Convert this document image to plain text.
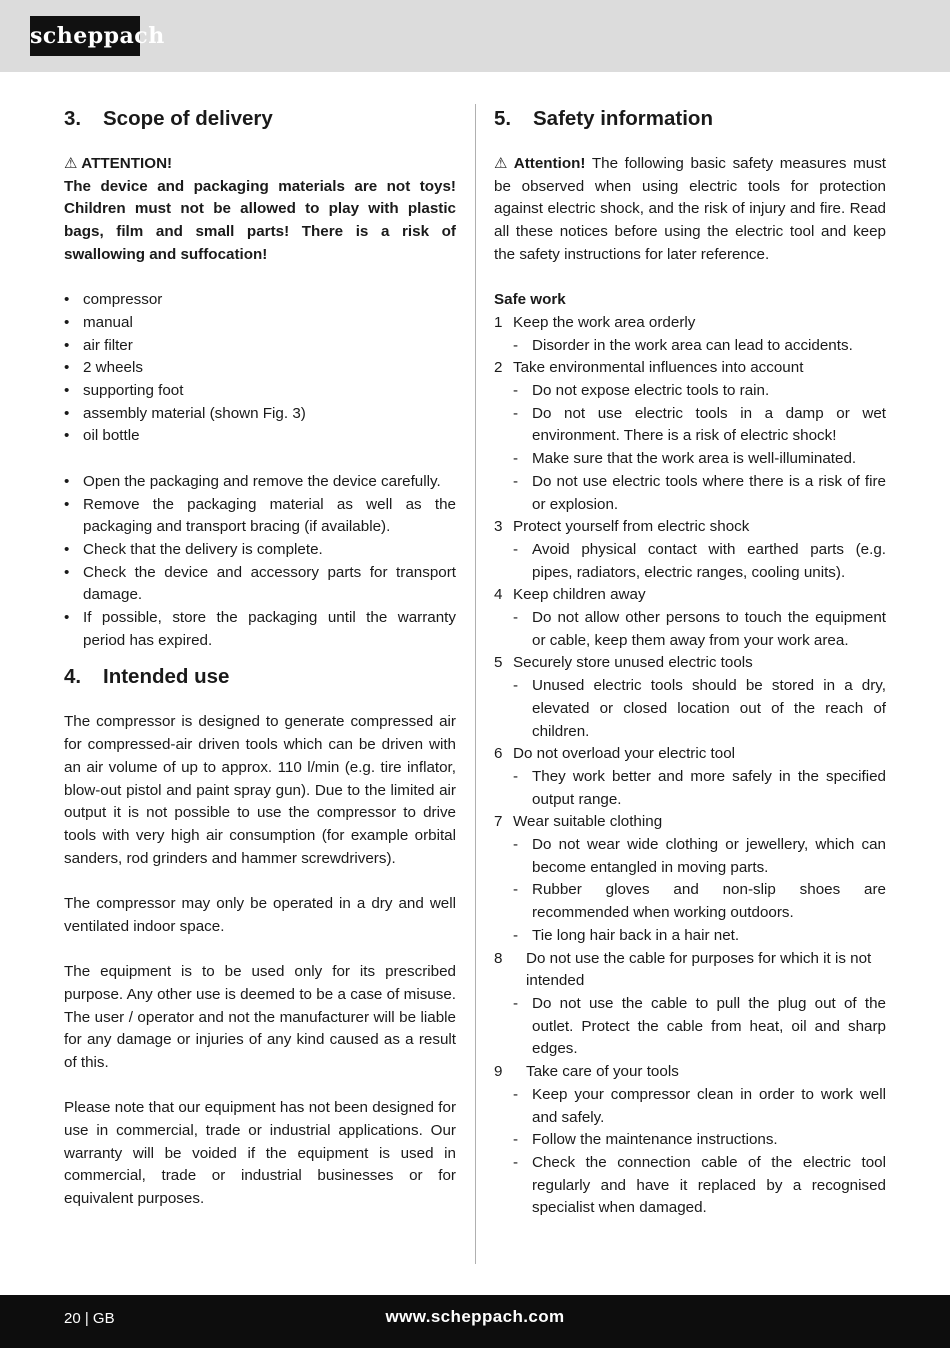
scheppach
3. Scope of delivery

⚠ ATTENTION!

The device and packaging materials are not toys! Children must not be allowed to play with plastic bags, film and small parts! There is a risk of swallowing and suffocation!

• compressor
• manual
• air filter
• 2 wheels
• supporting foot
• assembly material (shown Fig. 3)
• oil bottle
• Open the packaging and remove the device carefully.
• Remove the packaging material as well as the packaging and transport bracing (if available).
• Check that the delivery is complete.
• Check the device and accessory parts for transport damage.
• If possible, store the packaging until the warranty period has expired.
4. Intended use

The compressor is designed to generate compressed air for compressed-air driven tools which can be driven with an air volume of up to approx. 110 l/min (e.g. tire inflator, blow-out pistol and paint spray gun). Due to the limited air output it is not possible to use the compressor to drive tools with very high air consumption (for example orbital sanders, rod grinders and hammer screwdrivers).

The compressor may only be operated in a dry and well ventilated indoor space.

The equipment is to be used only for its prescribed purpose. Any other use is deemed to be a case of misuse. The user / operator and not the manufacturer will be liable for any damage or injuries of any kind caused as a result of this.

Please note that our equipment has not been designed for use in commercial, trade or industrial applications. Our warranty will be voided if the equipment is used in commercial, trade or industrial businesses or for equivalent purposes.

5. Safety information

⚠ Attention! The following basic safety measures must be observed when using electric tools for protection against electric shock, and the risk of injury and fire. Read all these notices before using the electric tool and keep the safety instructions for later reference.

Safe work

1 Keep the work area orderly
- Disorder in the work area can lead to accidents.
2 Take environmental influences into account
- Do not expose electric tools to rain.
- Do not use electric tools in a damp or wet environment. There is a risk of electric shock!
- Make sure that the work area is well-illuminated.
- Do not use electric tools where there is a risk of fire or explosion.
3 Protect yourself from electric shock
- Avoid physical contact with earthed parts (e.g. pipes, radiators, electric ranges, cooling units).
4 Keep children away
- Do not allow other persons to touch the equipment or cable, keep them away from your work area.
5 Securely store unused electric tools
- Unused electric tools should be stored in a dry, elevated or closed location out of the reach of children.
6 Do not overload your electric tool
- They work better and more safely in the specified output range.
7 Wear suitable clothing
- Do not wear wide clothing or jewellery, which can become entangled in moving parts.
- Rubber gloves and non-slip shoes are recommended when working outdoors.
- Tie long hair back in a hair net.
8 Do not use the cable for purposes for which it is not intended
- Do not use the cable to pull the plug out of the outlet. Protect the cable from heat, oil and sharp edges.
9 Take care of your tools
- Keep your compressor clean in order to work well and safely.
- Follow the maintenance instructions.
- Check the connection cable of the electric tool regularly and have it replaced by a recognised specialist when damaged.
20 | GB	www.scheppach.com
